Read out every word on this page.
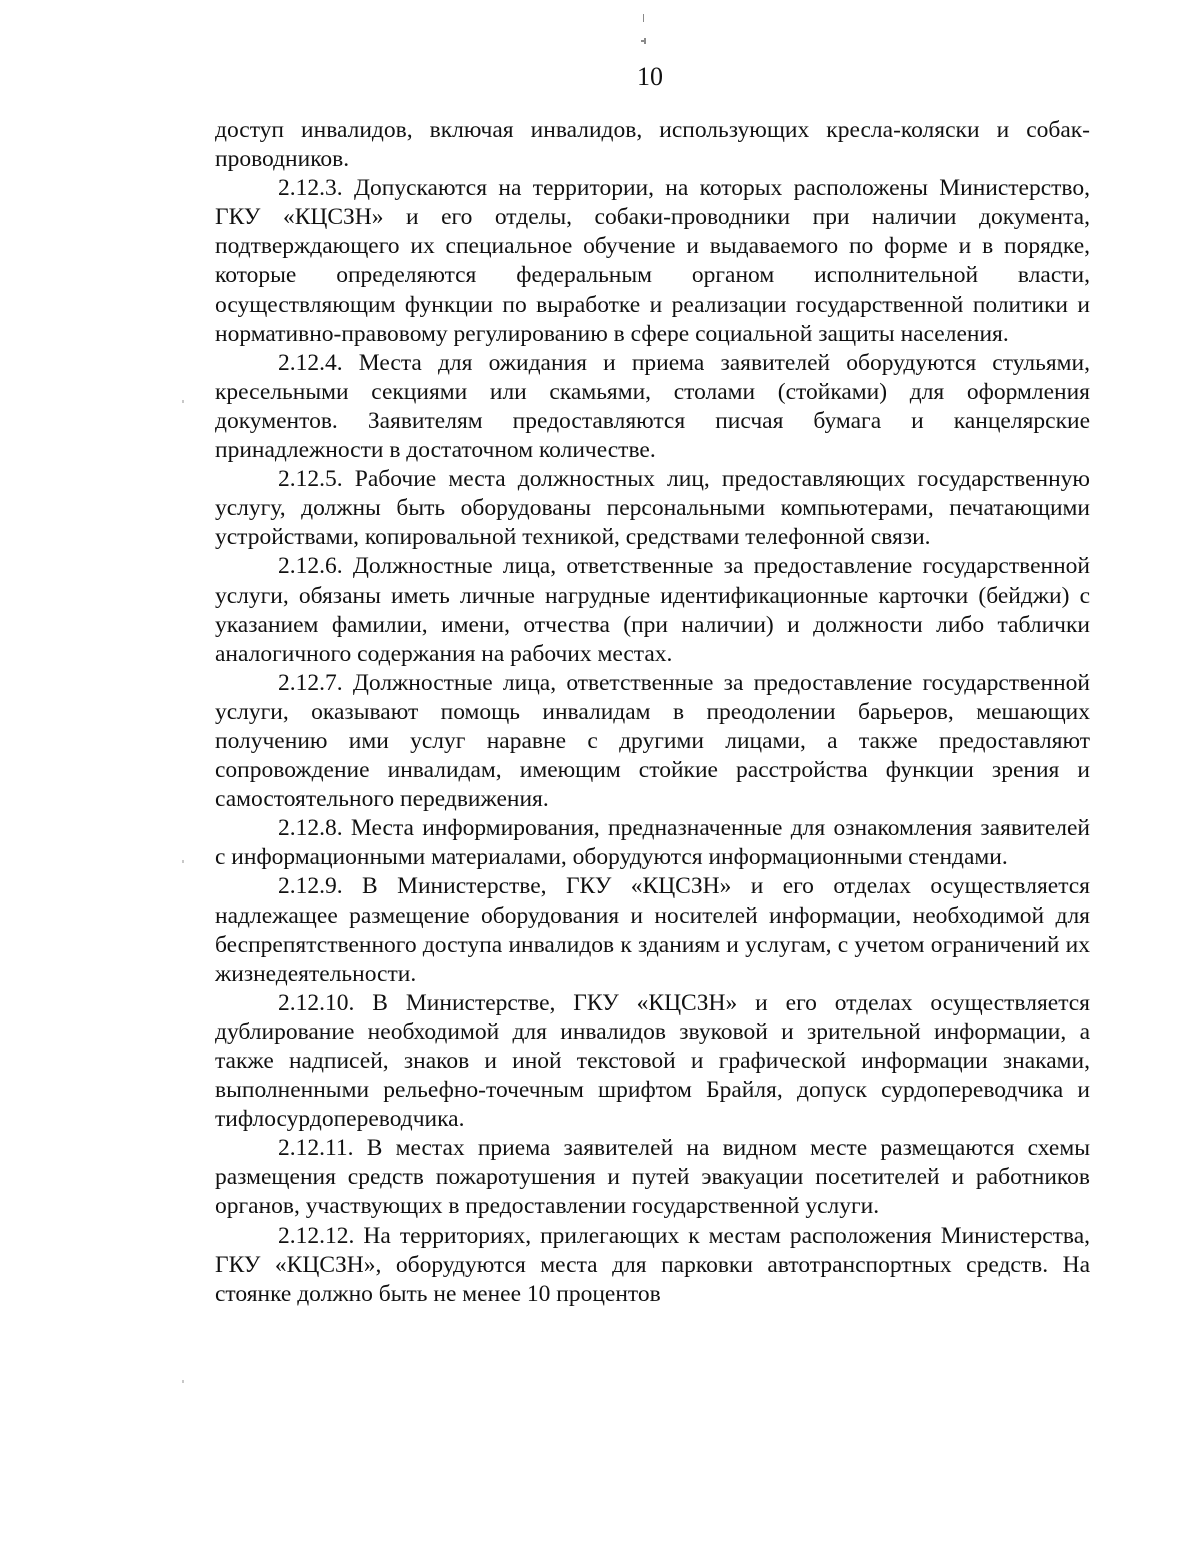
10

доступ инвалидов, включая инвалидов, использующих кресла-коляски и собак-проводников.

2.12.3. Допускаются на территории, на которых расположены Министерство, ГКУ «КЦСЗН» и его отделы, собаки-проводники при наличии документа, подтверждающего их специальное обучение и выдаваемого по форме и в порядке, которые определяются федеральным органом исполнительной власти, осуществляющим функции по выработке и реализации государственной политики и нормативно-правовому регулированию в сфере социальной защиты населения.

2.12.4. Места для ожидания и приема заявителей оборудуются стульями, кресельными секциями или скамьями, столами (стойками) для оформления документов. Заявителям предоставляются писчая бумага и канцелярские принадлежности в достаточном количестве.

2.12.5. Рабочие места должностных лиц, предоставляющих государственную услугу, должны быть оборудованы персональными компьютерами, печатающими устройствами, копировальной техникой, средствами телефонной связи.

2.12.6. Должностные лица, ответственные за предоставление государственной услуги, обязаны иметь личные нагрудные идентификационные карточки (бейджи) с указанием фамилии, имени, отчества (при наличии) и должности либо таблички аналогичного содержания на рабочих местах.

2.12.7. Должностные лица, ответственные за предоставление государственной услуги, оказывают помощь инвалидам в преодолении барьеров, мешающих получению ими услуг наравне с другими лицами, а также предоставляют сопровождение инвалидам, имеющим стойкие расстройства функции зрения и самостоятельного передвижения.

2.12.8. Места информирования, предназначенные для ознакомления заявителей с информационными материалами, оборудуются информационными стендами.

2.12.9. В Министерстве, ГКУ «КЦСЗН» и его отделах осуществляется надлежащее размещение оборудования и носителей информации, необходимой для беспрепятственного доступа инвалидов к зданиям и услугам, с учетом ограничений их жизнедеятельности.

2.12.10. В Министерстве, ГКУ «КЦСЗН» и его отделах осуществляется дублирование необходимой для инвалидов звуковой и зрительной информации, а также надписей, знаков и иной текстовой и графической информации знаками, выполненными рельефно-точечным шрифтом Брайля, допуск сурдопереводчика и тифлосурдопереводчика.

2.12.11. В местах приема заявителей на видном месте размещаются схемы размещения средств пожаротушения и путей эвакуации посетителей и работников органов, участвующих в предоставлении государственной услуги.

2.12.12. На территориях, прилегающих к местам расположения Министерства, ГКУ «КЦСЗН», оборудуются места для парковки автотранспортных средств. На стоянке должно быть не менее 10 процентов
